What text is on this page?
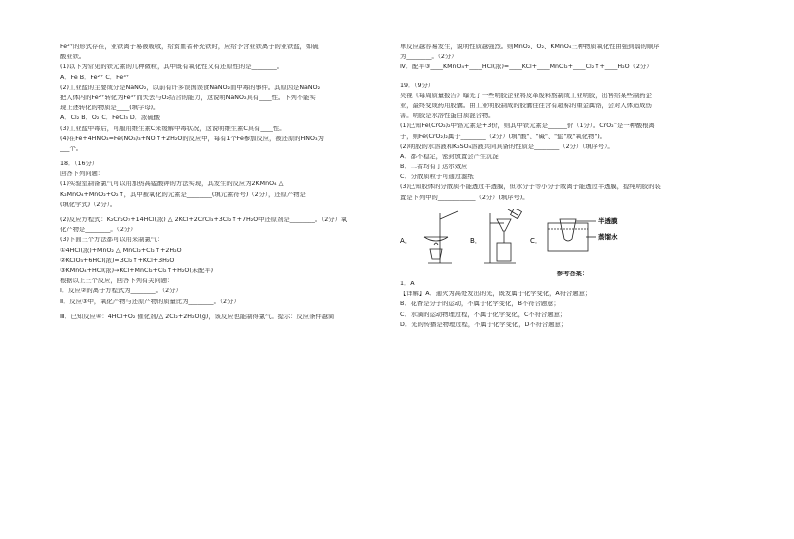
Fe²⁺的形式存在，亚铁离子易被吸收，给贫血者补充铁时，应给予含亚铁离子的亚铁盐，如硫
酸亚铁。
(1)以下为常见的铁元素的几种微粒，其中既有氧化性又有还原性的是________。
A．Fe B．Fe²⁺ C．Fe³⁺
(2)工业盐的主要成分是NaNO₂，以前有许多误国误食NaNO₂而中毒的事件。其原因是NaNO₂
把人体内的Fe²⁺转化为Fe³⁺而失去与O₂结合的能力，这说明NaNO₂具有____性。下列不能实
现上述转化的物质是____(填字母)。
A．Cl₂ B．O₂ C．FeCl₃ D．浓硫酸
(3)工业盐中毒后，可服用维生素C来缓解中毒状况，这说明维生素C具有____性。
(4)在Fe+4HNO₃=Fe(NO₃)₃+NO↑+2H₂O的反应中，每有1个Fe参加反应，被还原的HNO₃为
___个。
18．（16分）
回答下列问题：
(1)实验室制备氯气可以用加热高锰酸钾的方法实现，其发生的反应为2KMnO₄ △
K₂MnO₄+MnO₂+O₂↑，其中被氧化的元素是________(填元素符号)（2分），还原产物是
(填化学式)（2分）。
(2)反应方程式：K₂Cr₂O₇+14HCl(浓) △ 2KCl+2CrCl₃+3Cl₂↑+7H₂O中还原剂是________。（2分）氧
化产物是________。（2分）
(3)下面三个方法都可以用来制氯气：
①4HCl(浓)+MnO₂ △ MnCl₂+Cl₂↑+2H₂O
②KClO₃+6HCl(浓)=3Cl₂↑+KCl+3H₂O
③KMnO₄+HCl(浓)→KCl+MnCl₂+Cl₂↑+H₂O(未配平)
根据以上三个反应，回答下列有关问题：
Ⅰ．反应②的离子方程式为________。（2分）
Ⅱ．反应③中，氧化产物与还原产物的质量比为________。（2分）
Ⅲ．已知反应④：4HCl+O₂ 催化剂/△ 2Cl₂+2H₂O(g)，该反应也能制得氯气。提示：反应条件越简
单反应越容易发生，说明性质越强烈。则MnO₂、O₂、KMnO₄三种物质氧化性由强到弱的顺序
为________。（2分）
Ⅳ．配平③____KMnO₄+____HCl(浓)=____KCl+____MnCl₂+____Cl₂↑+____H₂O（2分）
19．（9分）
央视《每周质量报告》曝光了一些明胶企业将皮革废料熬制成工业明胶，出售给某些制药企
业，最终变成药用胶囊。由工业明胶制成的胶囊往往含有超标的重金属铬，会对人体造成伤
害。明胶是水溶性蛋白质混合物。
(1)已知Fe(CrO₂)₂中铬元素是+3价，则其中铁元素是______价（1分）。CrO₂⁻是一种酸根离
子，则Fe(CrO₂)₂属于________（2分）(填"酸"、"碱"、"盐"或"氧化物")。
(2)明胶的水溶液和K₂SO₄溶液共同具备的性质是________（2分）（填序号）。
A．都不稳定，密封放置会产生沉淀
B．二者均有丁达尔效应
C．分散质粒子可通过滤纸
(3)已知胶体的分散质不能透过半透膜，但水分子等小分子或离子能透过半透膜，提纯明胶的装
置是下列中的____________（2分）(填序号)。
A．	B．	C．
半透膜
蒸馏水
参考答案：
1．A
【详解】A．通火为高处发出的光，既发属于化学变化，A符合题意；
B．花香是分子的运动，不属于化学变化，B不符合题意；
C．水滴的运动物理过程，不属于化学变化，C不符合题意；
D．光的传播是物理过程，不属于化学变化，D不符合题意；
